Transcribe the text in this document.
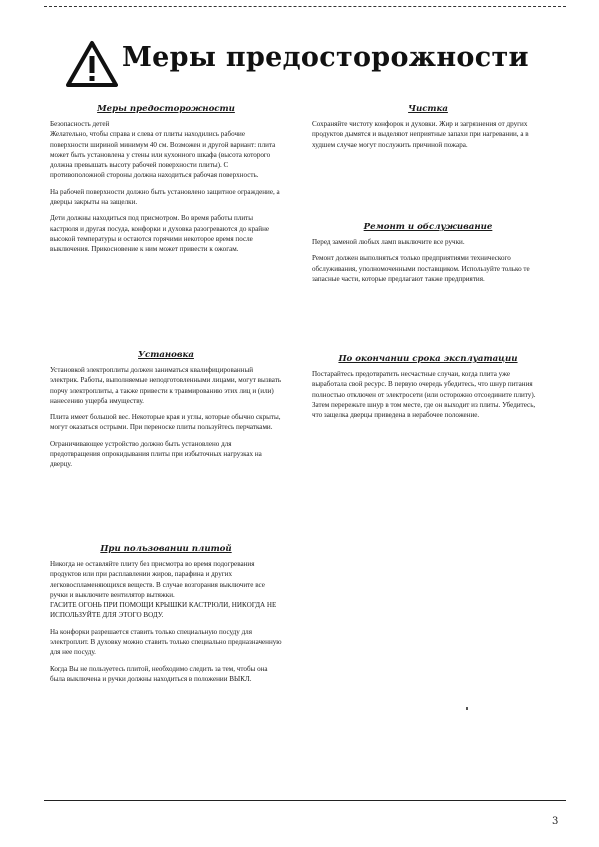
Меры предосторожности
Меры предосторожности

Безопасность детей

Желательно, чтобы справа и слева от плиты находились рабочие поверхности шириной минимум 40 см. Возможен и другой вариант: плита может быть установлена у стены или кухонного шкафа (высота которого должна превышать высоту рабочей поверхности плиты). С противоположной стороны должна находиться рабочая поверхность.

На рабочей поверхности должно быть установлено защитное ограждение, а дверцы закрыты на защелки.

Дети должны находиться под присмотром. Во время работы плиты кастрюля и другая посуда, конфорки и духовка разогреваются до крайне высокой температуры и остаются горячими некоторое время после выключения. Прикосновение к ним может привести к ожогам.

Установка

Установкой электроплиты должен заниматься квалифицированный электрик. Работы, выполняемые неподготовленными лицами, могут вызвать порчу электроплиты, а также привести к травмированию этих лиц и (или) нанесению ущерба имуществу.

Плита имеет большой вес. Некоторые края и углы, которые обычно скрыты, могут оказаться острыми. При переноске плиты пользуйтесь перчатками.

Ограничивающее устройство должно быть установлено для предотвращения опрокидывания плиты при избыточных нагрузках на дверцу.

При пользовании плитой

Никогда не оставляйте плиту без присмотра во время подогревания продуктов или при расплавлении жиров, парафина и других легковоспламеняющихся веществ. В случае возгорания выключите все ручки и выключите вентилятор вытяжки.

ГАСИТЕ ОГОНЬ ПРИ ПОМОЩИ КРЫШКИ КАСТРЮЛИ, НИКОГДА НЕ ИСПОЛЬЗУЙТЕ ДЛЯ ЭТОГО ВОДУ.

На конфорки разрешается ставить только специальную посуду для электроплит. В духовку можно ставить только специально предназначенную для нее посуду.

Когда Вы не пользуетесь плитой, необходимо следить за тем, чтобы она была выключена и ручки должны находиться в положении ВЫКЛ.

Чистка

Сохраняйте чистоту конфорок и духовки. Жир и загрязнения от других продуктов дымятся и выделяют неприятные запахи при нагревании, а в худшем случае могут послужить причиной пожара.

Ремонт и обслуживание

Перед заменой любых ламп выключите все ручки.

Ремонт должен выполняться только предприятиями технического обслуживания, уполномоченными поставщиком. Используйте только те запасные части, которые предлагают также предприятия.

По окончании срока эксплуатации

Постарайтесь предотвратить несчастные случаи, когда плита уже выработала свой ресурс. В первую очередь убедитесь, что шнур питания полностью отключен от электросети (или осторожно отсоедините плиту). Затем перережьте шнур в том месте, где он выходит из плиты. Убедитесь, что защелка дверцы приведена в нерабочее положение.

3
